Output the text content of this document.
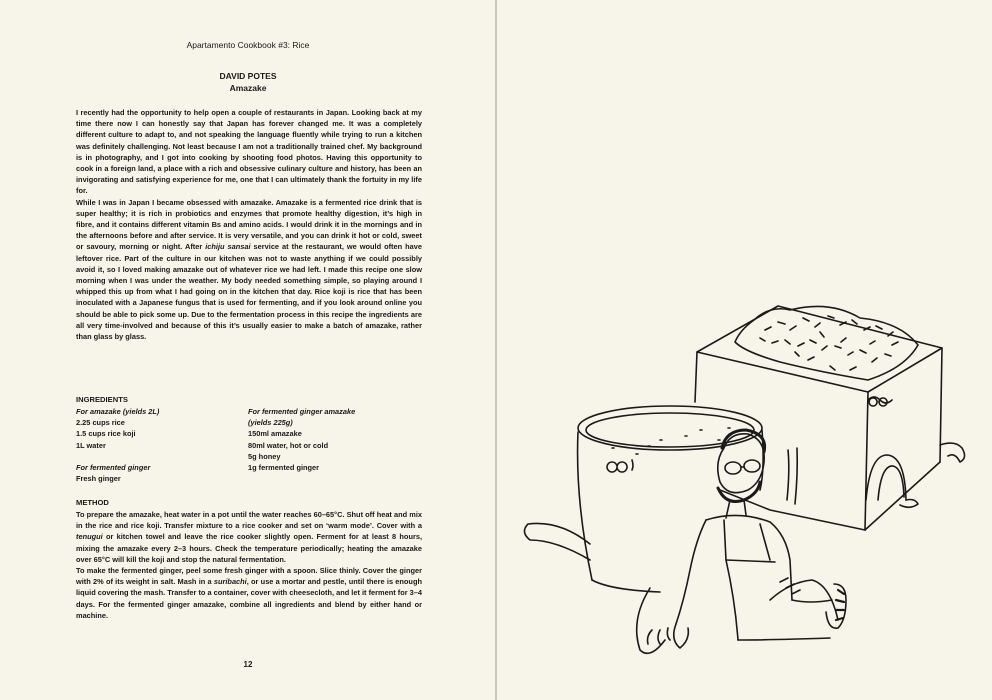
Apartamento Cookbook #3: Rice
DAVID POTES
Amazake

I recently had the opportunity to help open a couple of restaurants in Japan. Looking back at my time there now I can honestly say that Japan has forever changed me. It was a completely different culture to adapt to, and not speaking the language fluently while trying to run a kitchen was definitely challenging. Not least because I am not a traditionally trained chef. My background is in photography, and I got into cooking by shooting food photos. Having this opportunity to cook in a foreign land, a place with a rich and obsessive culinary culture and history, has been an invigorating and satisfying experience for me, one that I can ultimately thank the fortuity in my life for.

While I was in Japan I became obsessed with amazake. Amazake is a fermented rice drink that is super healthy; it is rich in probiotics and enzymes that promote healthy digestion, it’s high in fibre, and it contains different vitamin Bs and amino acids. I would drink it in the mornings and in the afternoons before and after service. It is very versatile, and you can drink it hot or cold, sweet or savoury, morning or night. After ichiju sansai service at the restaurant, we would often have leftover rice. Part of the culture in our kitchen was not to waste anything if we could possibly avoid it, so I loved making amazake out of whatever rice we had left. I made this recipe one slow morning when I was under the weather. My body needed something simple, so playing around I whipped this up from what I had going on in the kitchen that day. Rice koji is rice that has been inoculated with a Japanese fungus that is used for fermenting, and if you look around online you should be able to pick some up. Due to the fermentation process in this recipe the ingredients are all very time-involved and because of this it’s usually easier to make a batch of amazake, rather than glass by glass.

INGREDIENTS
For amazake (yields 2L)
2.25 cups rice
1.5 cups rice koji
1L water
For fermented ginger
Fresh ginger
For fermented ginger amazake
(yields 225g)
150ml amazake
80ml water, hot or cold
5g honey
1g fermented ginger
METHOD

To prepare the amazake, heat water in a pot until the water reaches 60–65°C. Shut off heat and mix in the rice and rice koji. Transfer mixture to a rice cooker and set on ‘warm mode’. Cover with a tenugui or kitchen towel and leave the rice cooker slightly open. Ferment for at least 8 hours, mixing the amazake every 2–3 hours. Check the temperature periodically; heating the amazake over 65°C will kill the koji and stop the natural fermentation.

To make the fermented ginger, peel some fresh ginger with a spoon. Slice thinly. Cover the ginger with 2% of its weight in salt. Mash in a suribachi, or use a mortar and pestle, until there is enough liquid covering the mash. Transfer to a container, cover with cheesecloth, and let it ferment for 3–4 days. For the fermented ginger amazake, combine all ingredients and blend by either hand or machine.

12
